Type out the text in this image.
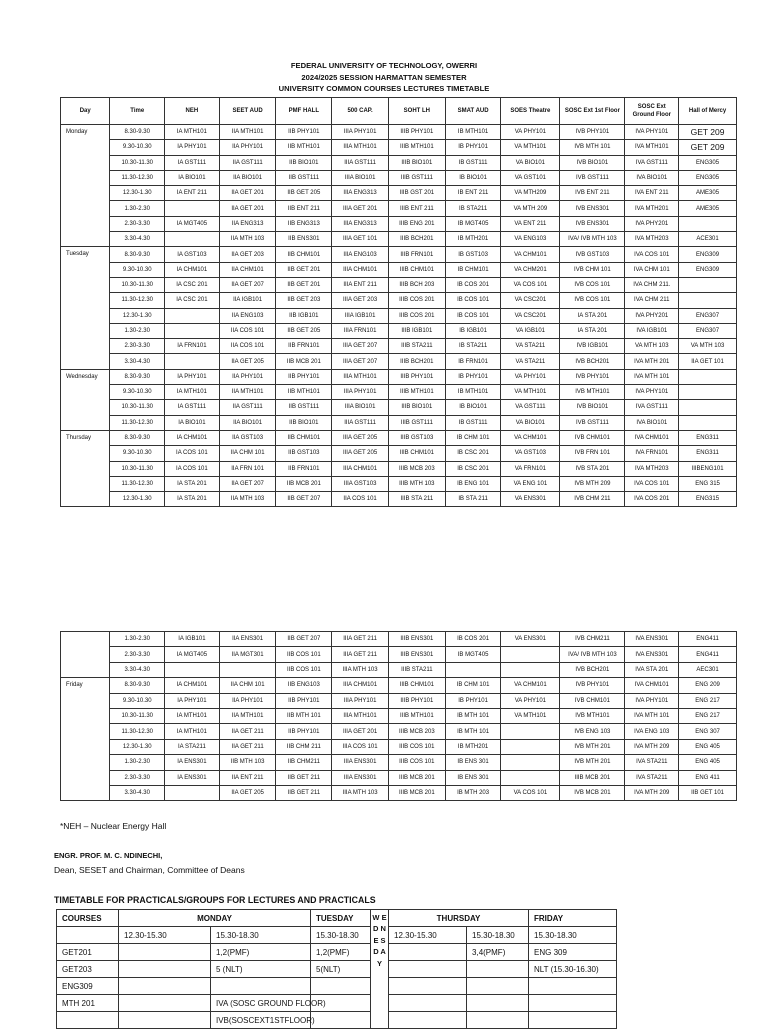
FEDERAL UNIVERSITY OF TECHNOLOGY, OWERRI
2024/2025 SESSION HARMATTAN SEMESTER
UNIVERSITY COMMON COURSES LECTURES TIMETABLE
Day	Time	NEH	SEET AUD	PMF HALL	500 CAP.	SOHT LH	SMAT AUD	SOES Theatre	SOSC Ext 1st Floor	SOSC Ext Ground Floor	Hall of Mercy
Monday	8.30-9.30	IA MTH101	IIA MTH101	IIB PHY101	IIIA PHY101	IIIB PHY101	IB MTH101	VA PHY101	IVB PHY101	IVA PHY101	GET 209
	9.30-10.30	IA PHY101	IIA PHY101	IIB MTH101	IIIA MTH101	IIIB MTH101	IB PHY101	VA MTH101	IVB MTH 101	IVA MTH101	GET 209
	10.30-11.30	IA GST111	IIA GST111	IIB BIO101	IIIA GST111	IIIB BIO101	IB GST111	VA BIO101	IVB BIO101	IVA GST111	ENG305
	11.30-12.30	IA BIO101	IIA BIO101	IIB GST111	IIIA BIO101	IIIB GST111	IB BIO101	VA GST101	IVB GST111	IVA BIO101	ENG305
	12.30-1.30	IA ENT 211	IIA GET 201	IIB GET 205	IIIA ENG313	IIIB GST 201	IB ENT 211	VA MTH209	IVB ENT 211	IVA ENT 211	AME305
	1.30-2.30		IIA GET 201	IIB ENT 211	IIIA GET 201	IIIB ENT 211	IB STA211	VA MTH 209	IVB ENS301	IVA MTH201	AME305
	2.30-3.30	IA MGT405	IIA ENG313	IIB ENG313	IIIA ENG313	IIIB ENG 201	IB MGT405	VA ENT 211	IVB ENS301	IVA PHY201	
	3.30-4.30		IIA MTH 103	IIB ENS301	IIIA GET 101	IIIB BCH201	IB MTH201	VA ENG103	IVA/ IVB MTH 103	IVA MTH203	ACE301
Tuesday	8.30-9.30	IA GST103	IIA GET 203	IIB CHM101	IIIA ENG103	IIIB FRN101	IB GST103	VA CHM101	IVB GST103	IVA COS 101	ENG309
	9.30-10.30	IA CHM101	IIA CHM101	IIB GET 201	IIIA CHM101	IIIB CHM101	IB CHM101	VA CHM201	IVB CHM 101	IVA CHM 101	ENG309
	10.30-11.30	IA CSC 201	IIA GET 207	IIB GET 201	IIIA ENT 211	IIIB BCH 203	IB COS 201	VA COS 101	IVB COS 101	IVA CHM 211.	
	11.30-12.30	IA CSC 201	IIA IGB101	IIB GET 203	IIIA GET 203	IIIB COS 201	IB COS 101	VA CSC201	IVB COS 101	IVA CHM 211	
	12.30-1.30		IIA ENG103	IIB IGB101	IIIA IGB101	IIIB COS 201	IB COS 101	VA CSC201	IA STA 201	IVA PHY201	ENG307
	1.30-2.30		IIA COS 101	IIB GET 205	IIIA FRN101	IIIB IGB101	IB IGB101	VA IGB101	IA STA 201	IVA IGB101	ENG307
	2.30-3.30	IA FRN101	IIA COS 101	IIB FRN101	IIIA GET 207	IIIB STA211	IB STA211	VA STA211	IVB IGB101	VA MTH 103	VA MTH 103
	3.30-4.30		IIA GET 205	IIB MCB 201	IIIA GET 207	IIIB BCH201	IB FRN101	VA STA211	IVB BCH201	IVA MTH 201	IIA GET 101
Wednesday	8.30-9.30	IA PHY101	IIA PHY101	IIB PHY101	IIIA MTH101	IIIB PHY101	IB PHY101	VA PHY101	IVB PHY101	IVA MTH 101	
	9.30-10.30	IA MTH101	IIA MTH101	IIB MTH101	IIIA PHY101	IIIB MTH101	IB MTH101	VA MTH101	IVB MTH101	IVA PHY101	
	10.30-11.30	IA GST111	IIA GST111	IIB GST111	IIIA BIO101	IIIB BIO101	IB BIO101	VA GST111	IVB BIO101	IVA GST111	
	11.30-12.30	IA BIO101	IIA BIO101	IIB BIO101	IIIA GST111	IIIB GST111	IB GST111	VA BIO101	IVB GST111	IVA BIO101	
Thursday	8.30-9.30	IA CHM101	IIA GST103	IIB CHM101	IIIA GET 205	IIIB GST103	IB CHM 101	VA CHM101	IVB CHM101	IVA CHM101	ENG311
	9.30-10.30	IA COS 101	IIA CHM 101	IIB GST103	IIIA GET 205	IIIB CHM101	IB CSC 201	VA GST103	IVB FRN 101	IVA FRN101	ENG311
	10.30-11.30	IA COS 101	IIA FRN 101	IIB FRN101	IIIA CHM101	IIIB MCB 203	IB CSC 201	VA FRN101	IVB STA 201	IVA MTH203	IIIBENG101
	11.30-12.30	IA STA 201	IIA GET 207	IIB MCB 201	IIIA GST103	IIIB MTH 103	IB ENG 101	VA ENG 101	IVB MTH 209	IVA COS 101	ENG 315
	12.30-1.30	IA STA 201	IIA MTH 103	IIB GET 207	IIA COS 101	IIIB STA 211	IB STA 211	VA ENS301	IVB CHM 211	IVA COS 201	ENG315
	1.30-2.30	IA IGB101	IIA ENS301	IIB GET 207	IIIA GET 211	IIIB ENS301	IB COS 201	VA ENS301	IVB CHM211	IVA ENS301	ENG411
	2.30-3.30	IA MGT405	IIA MGT301	IIB COS 101	IIIA GET 211	IIIB ENS301	IB MGT405		IVA/ IVB MTH 103	IVA ENS301	ENG411
	3.30-4.30			IIB COS 101	IIIA MTH 103	IIIB STA211			IVB BCH201	IVA STA 201	AEC301
Friday	8.30-9.30	IA CHM101	IIA CHM 101	IIB ENG103	IIIA CHM101	IIIB CHM101	IB CHM 101	VA CHM101	IVB PHY101	IVA CHM101	ENG 209
	9.30-10.30	IA PHY101	IIA PHY101	IIB PHY101	IIIA PHY101	IIIB PHY101	IB PHY101	VA PHY101	IVB CHM101	IVA PHY101	ENG 217
	10.30-11.30	IA MTH101	IIA MTH101	IIB MTH 101	IIIA MTH101	IIIB MTH101	IB MTH 101	VA MTH101	IVB MTH101	IVA MTH 101	ENG 217
	11.30-12.30	IA MTH101	IIA GET 211	IIB PHY101	IIIA GET 201	IIIB MCB 203	IB MTH 101		IVB ENG 103	IVA ENG 103	ENG 307
	12.30-1.30	IA STA211	IIA GET 211	IIB CHM 211	IIIA COS 101	IIIB COS 101	IB MTH201		IVB MTH 201	IVA MTH 209	ENG 405
	1.30-2.30	IA ENS301	IIB MTH 103	IIB CHM211	IIIA ENS301	IIIB COS 101	IB ENS 301		IVB MTH 201	IVA STA211	ENG 405
	2.30-3.30	IA ENS301	IIA ENT 211	IIB GET 211	IIIA ENS301	IIIB MCB 201	IB ENS 301		IIIB MCB 201	IVA STA211	ENG 411
	3.30-4.30		IIA GET 205	IIB GET 211	IIIA MTH 103	IIIB MCB 201	IB MTH 203	VA COS 101	IVB MCB 201	IVA MTH 209	IIB GET 101
*NEH – Nuclear Energy Hall
ENGR. PROF. M. C. NDINECHI,
Dean, SESET and Chairman, Committee of Deans
TIMETABLE FOR PRACTICALS/GROUPS FOR LECTURES AND PRACTICALS
COURSES	MONDAY		TUESDAY	W E D N E S D A Y	THURSDAY		FRIDAY
	12.30-15.30	15.30-18.30	15.30-18.30		12.30-15.30	15.30-18.30	15.30-18.30
GET201		1,2(PMF)	1,2(PMF)			3,4(PMF)	ENG 309
GET203		5 (NLT)	5(NLT)				NLT (15.30-16.30)
ENG309							
MTH 201		IVA (SOSC GROUND FLOOR)					
		IVB(SOSCEXT1STFLOOR)					
